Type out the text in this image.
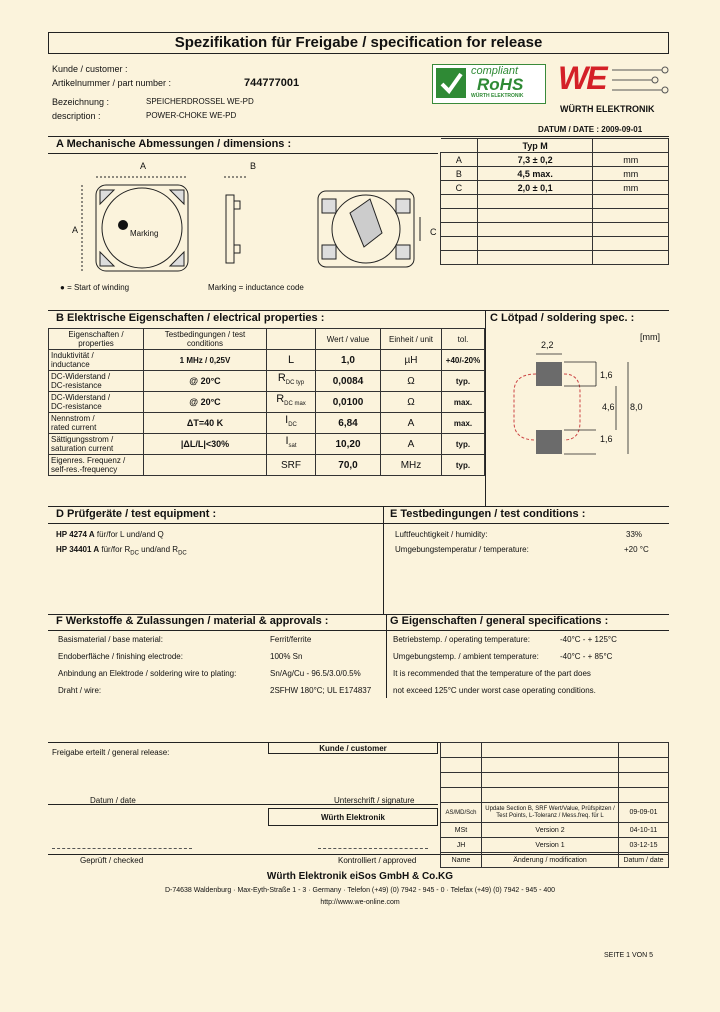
Spezifikation für Freigabe / specification for release
Kunde / customer :
Artikelnummer / part number :	744777001
Bezeichnung :	SPEICHERDROSSEL WE-PD
description :	POWER-CHOKE WE-PD
compliant
RoHS
WÜRTH ELEKTRONIK WE
WÜRTH ELEKTRONIK
DATUM / DATE : 2009-09-01
A Mechanische Abmessungen / dimensions :
A	B
A	C
Marking
● = Start of winding	Marking = inductance code
	Typ M	
A	7,3 ± 0,2	mm
B	4,5 max.	mm
C	2,0 ± 0,1	mm

B Elektrische Eigenschaften / electrical properties :	C Lötpad / soldering spec. :
Eigenschaften / properties	Testbedingungen / test conditions		Wert / value	Einheit / unit	tol.

Induktivität /
inductance	1 MHz / 0,25V	L	1,0	µH	+40/-20%

DC-Widerstand /
DC-resistance	@ 20°C	$R_{DC typ}$	0,0084	Ω	typ.

DC-Widerstand /
DC-resistance	@ 20°C	$R_{DC max}$	0,0100	Ω	max.

Nennstrom /
rated current	ΔT=40 K	$I_{DC}$	6,84	A	max.

Sättigungsstrom /
saturation current	|ΔL/L|<30%	$I_{sat}$	10,20	A	typ.

Eigenres. Frequenz /
self-res.-frequency		SRF	70,0	MHz	typ.
[mm]
2,2
1,6
4,6 8,0
1,6
D Prüfgeräte / test equipment :	E Testbedingungen / test conditions :
HP 4274 A für/for L und/and Q
HP 34401 A für/for $R_{DC}$ und/and $R_{DC}$
Luftfeuchtigkeit / humidity:	33%
Umgebungstemperatur / temperature:	+20 °C
F Werkstoffe & Zulassungen / material & approvals :	G Eigenschaften / general specifications :
Basismaterial / base material:	Ferrit/ferrite
Endoberfläche / finishing electrode:	100% Sn
Anbindung an Elektrode / soldering wire to plating:	Sn/Ag/Cu - 96.5/3.0/0.5%
Draht / wire:	2SFHW 180°C; UL E174837
Betriebstemp. / operating temperature:	-40°C - + 125°C
Umgebungstemp. / ambient temperature:	-40°C - + 85°C
It is recommended that the temperature of the part does
not exceed 125°C under worst case operating conditions.
Freigabe erteilt / general release:	Kunde / customer
Datum / date	Unterschrift / signature
Würth Elektronik
Geprüft / checked	Kontrolliert / approved

AS/MD/Sch	Update Section B, SRF Wert/Value, Prüfspitzen / Test Points, L-Toleranz / Mess.freq. für L	09-09-01
MSt	Version 2	04-10-11
JH	Version 1	03-12-15
Name	Änderung / modification	Datum / date
Würth Elektronik eiSos GmbH & Co.KG
D-74638 Waldenburg · Max-Eyth-Straße 1 - 3 · Germany · Telefon (+49) (0) 7942 - 945 - 0 · Telefax (+49) (0) 7942 - 945 - 400
http://www.we-online.com
SEITE 1 VON 5
